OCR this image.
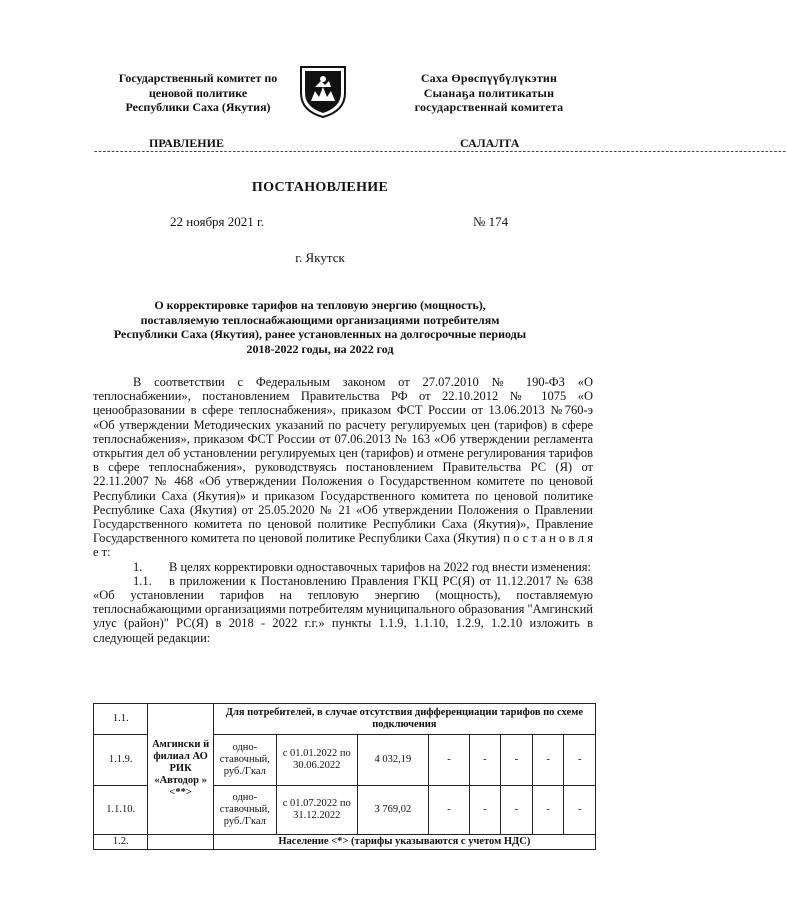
Государственный комитет по
ценовой политике
Республики Саха (Якутия)
Саха Өрөспүүбүлүкэтин
Сыанаҕа политикатын
государственнай комитета
ПРАВЛЕНИЕ	САЛАЛТА
----------------------------------------------------------------------------------------------------------------------------------------------------------------
ПОСТАНОВЛЕНИЕ
22 ноября 2021 г.	№ 174
г. Якутск
О корректировке тарифов на тепловую энергию (мощность),
поставляемую теплоснабжающими организациями потребителям
Республики Саха (Якутия), ранее установленных на долгосрочные периоды
2018-2022 годы, на 2022 год

В соответствии с Федеральным законом от 27.07.2010 № 190-ФЗ «О теплоснабжении», постановлением Правительства РФ от 22.10.2012 № 1075 «О ценообразовании в сфере теплоснабжения», приказом ФСТ России от 13.06.2013 №760-э «Об утверждении Методических указаний по расчету регулируемых цен (тарифов) в сфере теплоснабжения», приказом ФСТ России от 07.06.2013 № 163 «Об утверждении регламента открытия дел об установлении регулируемых цен (тарифов) и отмене регулирования тарифов в сфере теплоснабжения», руководствуясь постановлением Правительства РС (Я) от 22.11.2007 № 468 «Об утверждении Положения о Государственном комитете по ценовой Республики Саха (Якутия)» и приказом Государственного комитета по ценовой политике Республике Саха (Якутия) от 25.05.2020 № 21 «Об утверждении Положения о Правлении Государственного комитета по ценовой политике Республики Саха (Якутия)», Правление Государственного комитета по ценовой политике Республики Саха (Якутия) п о с т а н о в л я е т:

1. В целях корректировки одноставочных тарифов на 2022 год внести изменения:

1.1. в приложении к Постановлению Правления ГКЦ РС(Я) от 11.12.2017 № 638 «Об установлении тарифов на тепловую энергию (мощность), поставляемую теплоснабжающими организациями потребителям муниципального образования "Амгинский улус (район)" РС(Я) в 2018 - 2022 г.г.» пункты 1.1.9, 1.1.10, 1.2.9, 1.2.10 изложить в следующей редакции:

1.1.	Амгински й филиал АО РИК «Автодор » <**>	Для потребителей, в случае отсутствия дифференциации тарифов по схеме подключения							
1.1.9.		одно-ставочный, руб./Гкал	с 01.01.2022 по 30.06.2022	4 032,19	-	-	-	-	-
1.1.10.		одно-ставочный, руб./Гкал	с 01.07.2022 по 31.12.2022	3 769,02	-	-	-	-	-
1.2.		Население <*> (тарифы указываются с учетом НДС)							
